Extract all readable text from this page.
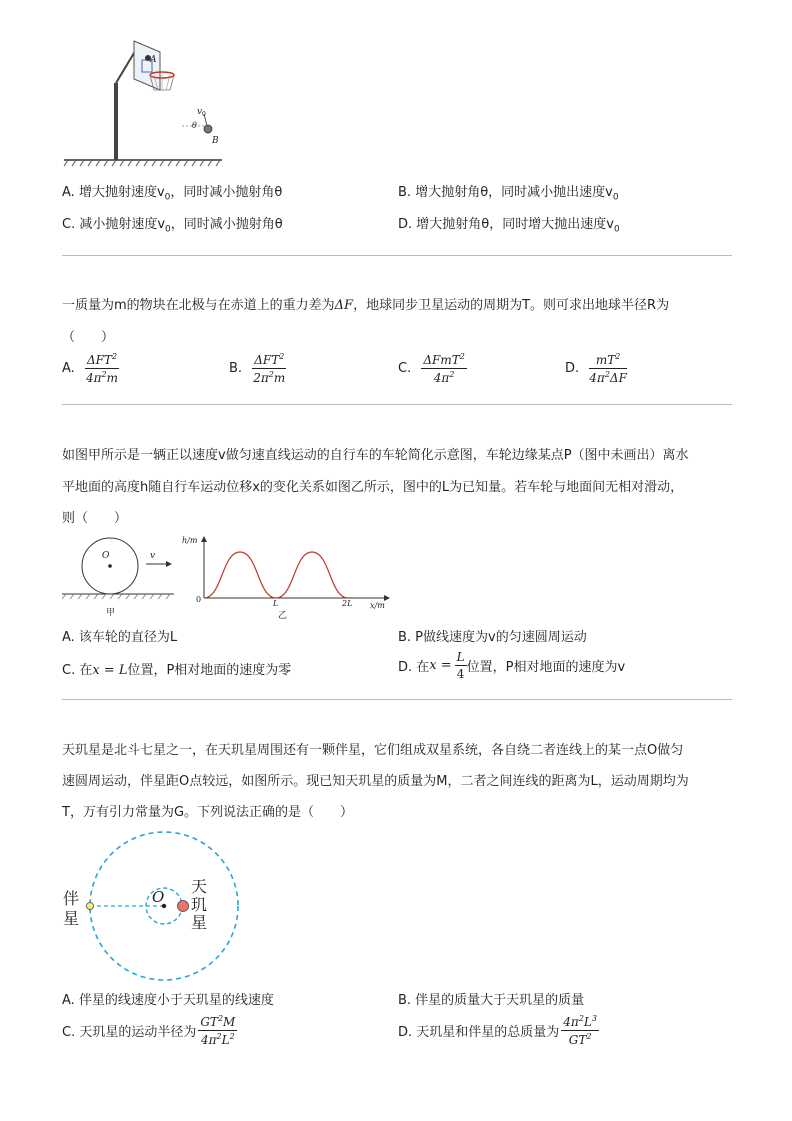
A
v 0
θ
B
A. 增大抛射速度$v_0$，同时减小抛射角θ	B. 增大抛射角θ，同时减小抛出速度$v_0$
C. 减小抛射速度$v_0$，同时减小抛射角θ	D. 增大抛射角θ，同时增大抛出速度$v_0$
一质量为m的物块在北极与在赤道上的重力差为ΔF，地球同步卫星运动的周期为T。则可求出地球半径R为
（　　）
A. $\frac{\Delta FT^2}{4\pi^2m}$	B. $\frac{\Delta FT^2}{2\pi^2m}$	C. $\frac{\Delta FmT^2}{4\pi^2}$	D. $\frac{mT^2}{4\pi^2\Delta F}$
如图甲所示是一辆正以速度v做匀速直线运动的自行车的车轮简化示意图，车轮边缘某点P（图中未画出）离水
平地面的高度h随自行车运动位移x的变化关系如图乙所示，图中的L为已知量。若车轮与地面间无相对滑动，
则（　　）
O	v
甲
h/m
x/m
0	L	2L
乙
A. 该车轮的直径为L	B. P做线速度为v的匀速圆周运动
C. 在x = L位置，P相对地面的速度为零	D. 在$x = \frac{L}{4}$ 位置，P相对地面的速度为v
天玑星是北斗七星之一，在天玑星周围还有一颗伴星，它们组成双星系统，各自绕二者连线上的某一点O做匀
速圆周运动，伴星距O点较远，如图所示。现已知天玑星的质量为M，二者之间连线的距离为L，运动周期均为
T，万有引力常量为G。下列说法正确的是（　　）
伴
星
O
天
玑
星
A. 伴星的线速度小于天玑星的线速度	B. 伴星的质量大于天玑星的质量
C. 天玑星的运动半径为 $\frac{GT^2M}{4\pi^2L^2}$	D. 天玑星和伴星的总质量为 $\frac{4\pi^2L^3}{GT^2}$
